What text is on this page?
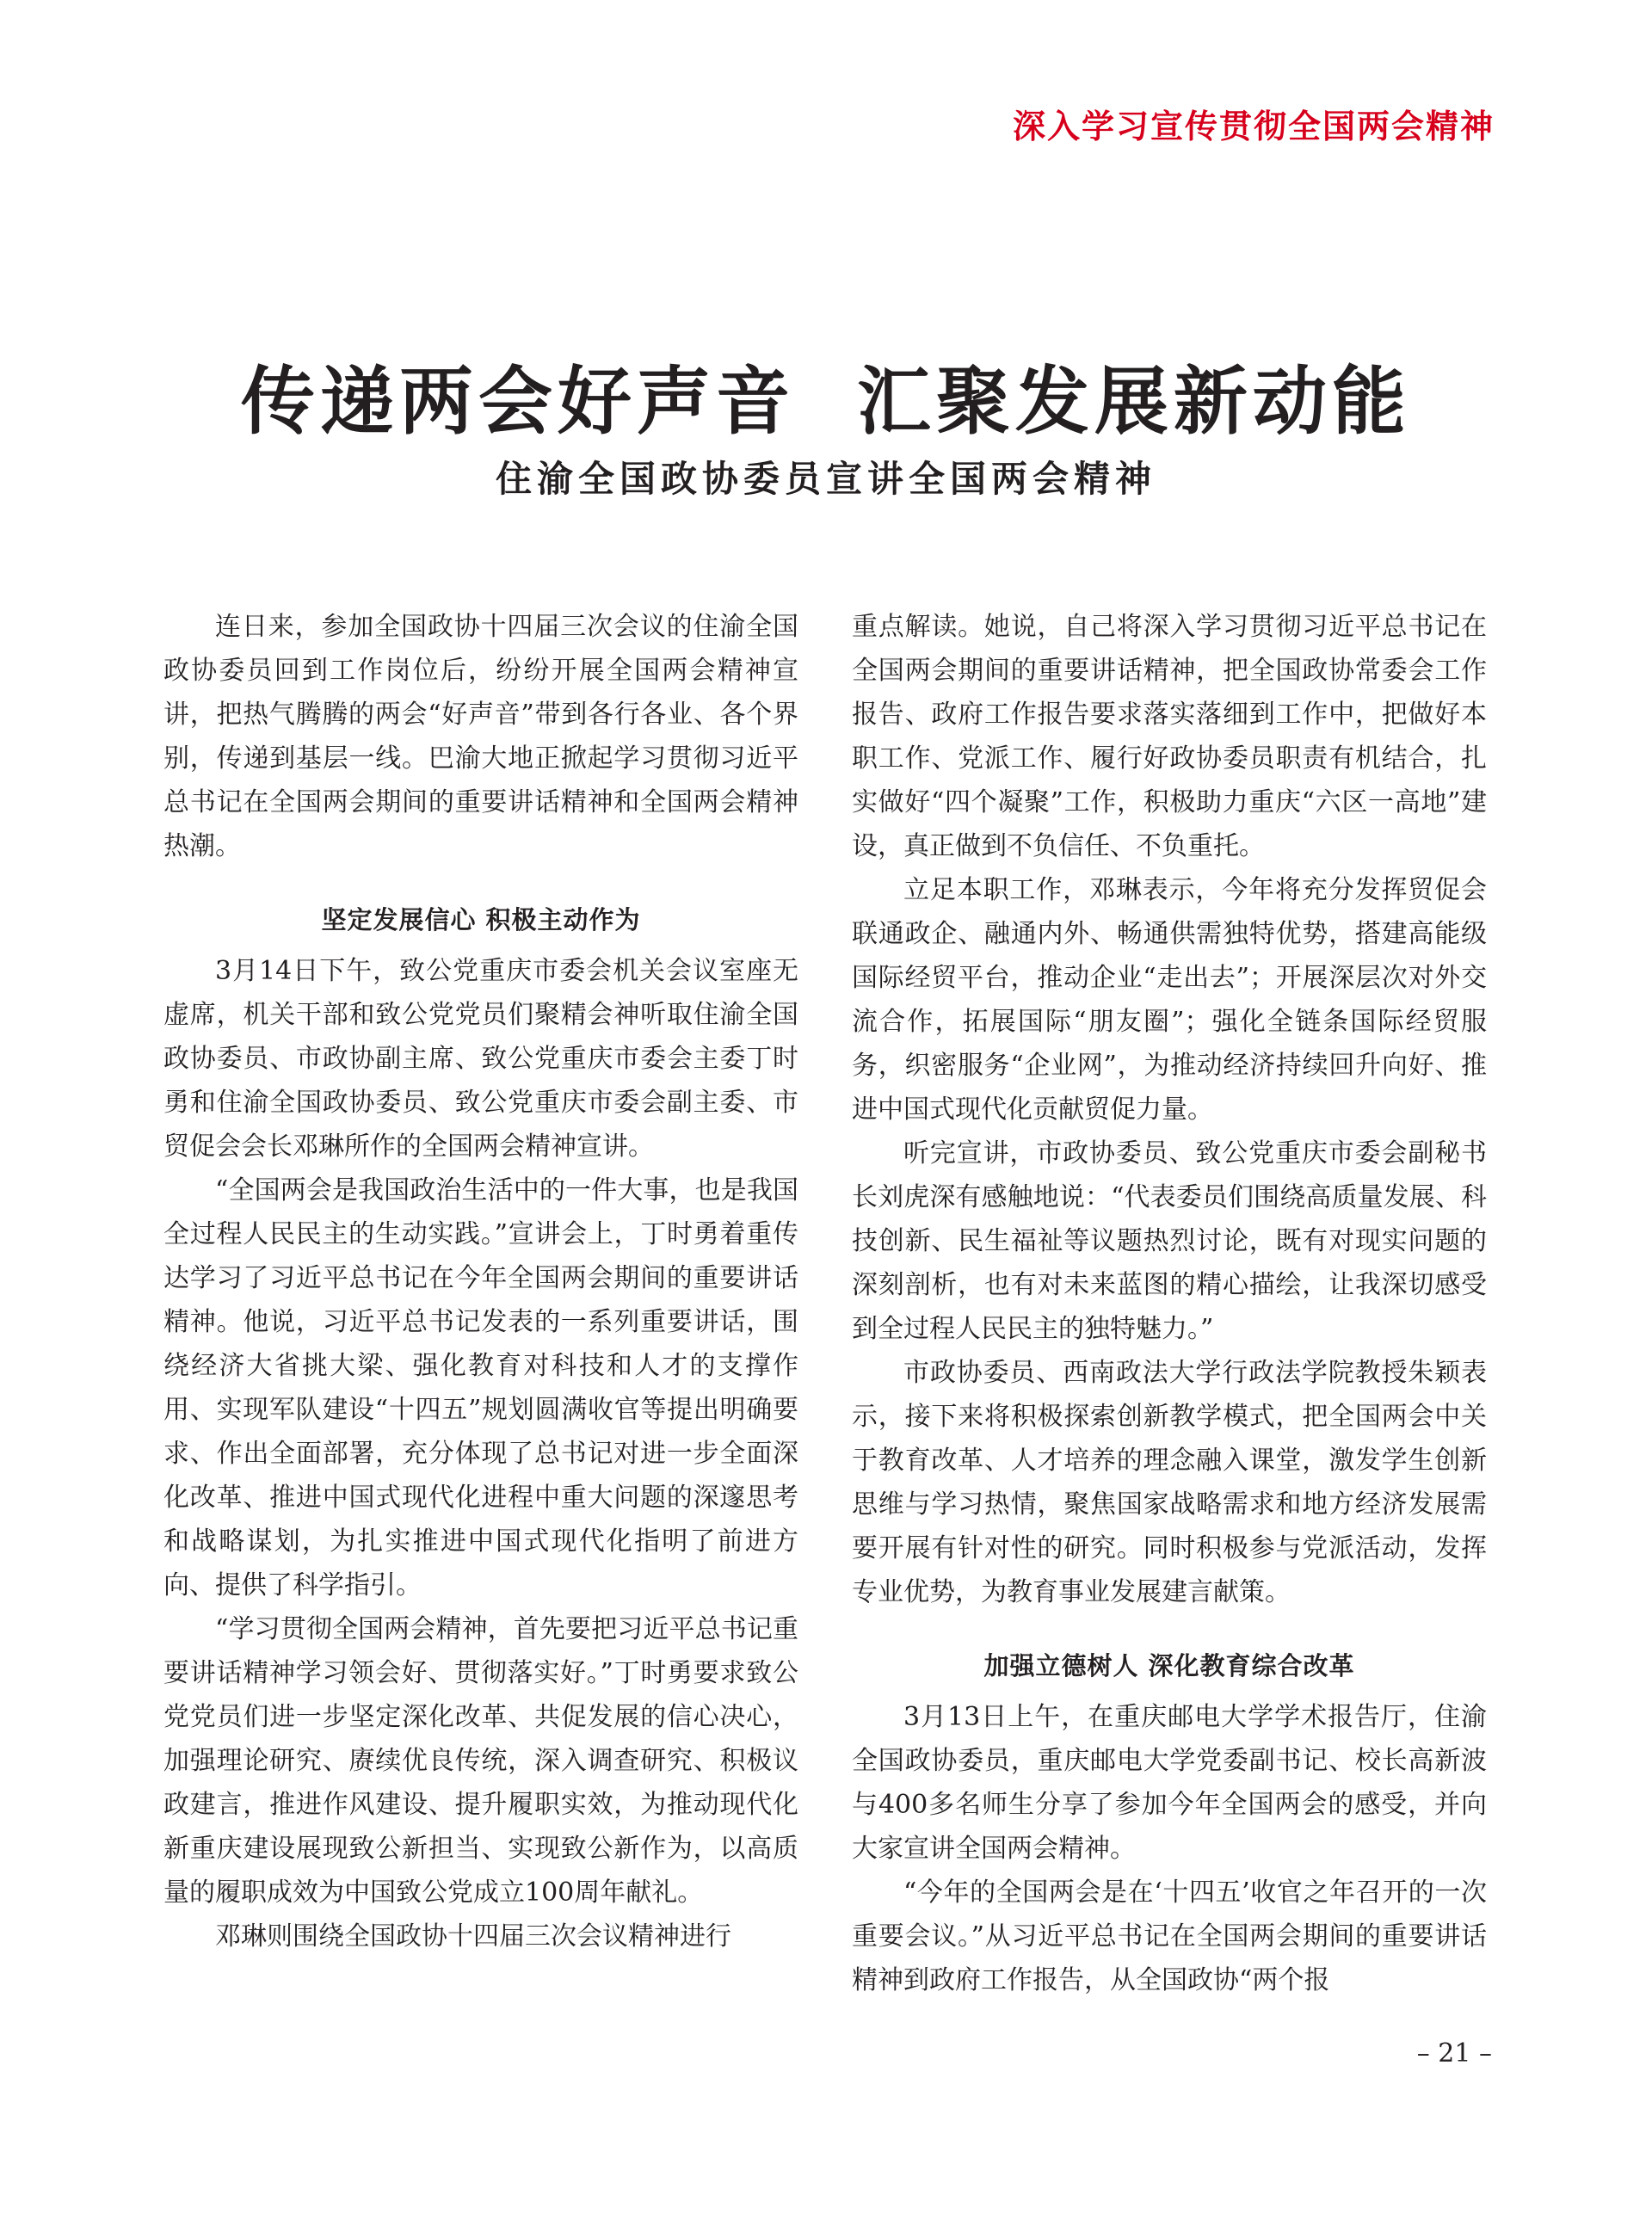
深入学习宣传贯彻全国两会精神
传递两会好声音  汇聚发展新动能
住渝全国政协委员宣讲全国两会精神

连日来，参加全国政协十四届三次会议的住渝全国政协委员回到工作岗位后，纷纷开展全国两会精神宣讲，把热气腾腾的两会“好声音”带到各行各业、各个界别，传递到基层一线。巴渝大地正掀起学习贯彻习近平总书记在全国两会期间的重要讲话精神和全国两会精神热潮。

坚定发展信心 积极主动作为

3月14日下午，致公党重庆市委会机关会议室座无虚席，机关干部和致公党党员们聚精会神听取住渝全国政协委员、市政协副主席、致公党重庆市委会主委丁时勇和住渝全国政协委员、致公党重庆市委会副主委、市贸促会会长邓琳所作的全国两会精神宣讲。

“全国两会是我国政治生活中的一件大事，也是我国全过程人民民主的生动实践。”宣讲会上，丁时勇着重传达学习了习近平总书记在今年全国两会期间的重要讲话精神。他说，习近平总书记发表的一系列重要讲话，围绕经济大省挑大梁、强化教育对科技和人才的支撑作用、实现军队建设“十四五”规划圆满收官等提出明确要求、作出全面部署，充分体现了总书记对进一步全面深化改革、推进中国式现代化进程中重大问题的深邃思考和战略谋划，为扎实推进中国式现代化指明了前进方向、提供了科学指引。

“学习贯彻全国两会精神，首先要把习近平总书记重要讲话精神学习领会好、贯彻落实好。”丁时勇要求致公党党员们进一步坚定深化改革、共促发展的信心决心，加强理论研究、赓续优良传统，深入调查研究、积极议政建言，推进作风建设、提升履职实效，为推动现代化新重庆建设展现致公新担当、实现致公新作为，以高质量的履职成效为中国致公党成立100周年献礼。

邓琳则围绕全国政协十四届三次会议精神进行

重点解读。她说，自己将深入学习贯彻习近平总书记在全国两会期间的重要讲话精神，把全国政协常委会工作报告、政府工作报告要求落实落细到工作中，把做好本职工作、党派工作、履行好政协委员职责有机结合，扎实做好“四个凝聚”工作，积极助力重庆“六区一高地”建设，真正做到不负信任、不负重托。

立足本职工作，邓琳表示，今年将充分发挥贸促会联通政企、融通内外、畅通供需独特优势，搭建高能级国际经贸平台，推动企业“走出去”；开展深层次对外交流合作，拓展国际“朋友圈”；强化全链条国际经贸服务，织密服务“企业网”，为推动经济持续回升向好、推进中国式现代化贡献贸促力量。

听完宣讲，市政协委员、致公党重庆市委会副秘书长刘虎深有感触地说：“代表委员们围绕高质量发展、科技创新、民生福祉等议题热烈讨论，既有对现实问题的深刻剖析，也有对未来蓝图的精心描绘，让我深切感受到全过程人民民主的独特魅力。”

市政协委员、西南政法大学行政法学院教授朱颖表示，接下来将积极探索创新教学模式，把全国两会中关于教育改革、人才培养的理念融入课堂，激发学生创新思维与学习热情，聚焦国家战略需求和地方经济发展需要开展有针对性的研究。同时积极参与党派活动，发挥专业优势，为教育事业发展建言献策。

加强立德树人 深化教育综合改革

3月13日上午，在重庆邮电大学学术报告厅，住渝全国政协委员，重庆邮电大学党委副书记、校长高新波与400多名师生分享了参加今年全国两会的感受，并向大家宣讲全国两会精神。

“今年的全国两会是在‘十四五’收官之年召开的一次重要会议。”从习近平总书记在全国两会期间的重要讲话精神到政府工作报告，从全国政协“两个报

– 21 –
